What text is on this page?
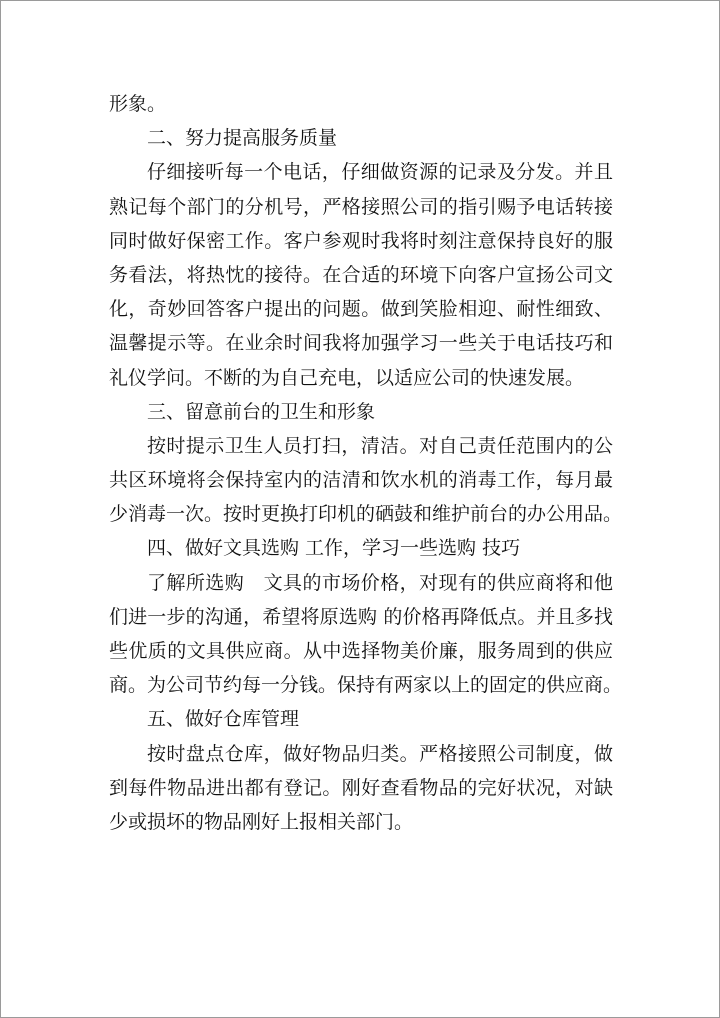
形象。
二、努力提高服务质量
仔细接听每一个电话，仔细做资源的记录及分发。并且
熟记每个部门的分机号，严格接照公司的指引赐予电话转接
同时做好保密工作。客户参观时我将时刻注意保持良好的服
务看法，将热忱的接待。在合适的环境下向客户宣扬公司文
化，奇妙回答客户提出的问题。做到笑脸相迎、耐性细致、
温馨提示等。在业余时间我将加强学习一些关于电话技巧和
礼仪学问。不断的为自己充电，以适应公司的快速发展。
三、留意前台的卫生和形象
按时提示卫生人员打扫，清洁。对自己责任范围内的公
共区环境将会保持室内的洁清和饮水机的消毒工作，每月最
少消毒一次。按时更换打印机的硒鼓和维护前台的办公用品。
四、做好文具选购 工作，学习一些选购 技巧
了解所选购　文具的市场价格，对现有的供应商将和他
们进一步的沟通，希望将原选购 的价格再降低点。并且多找
些优质的文具供应商。从中选择物美价廉，服务周到的供应
商。为公司节约每一分钱。保持有两家以上的固定的供应商。
五、做好仓库管理
按时盘点仓库，做好物品归类。严格接照公司制度，做
到每件物品进出都有登记。刚好查看物品的完好状况，对缺
少或损坏的物品刚好上报相关部门。
